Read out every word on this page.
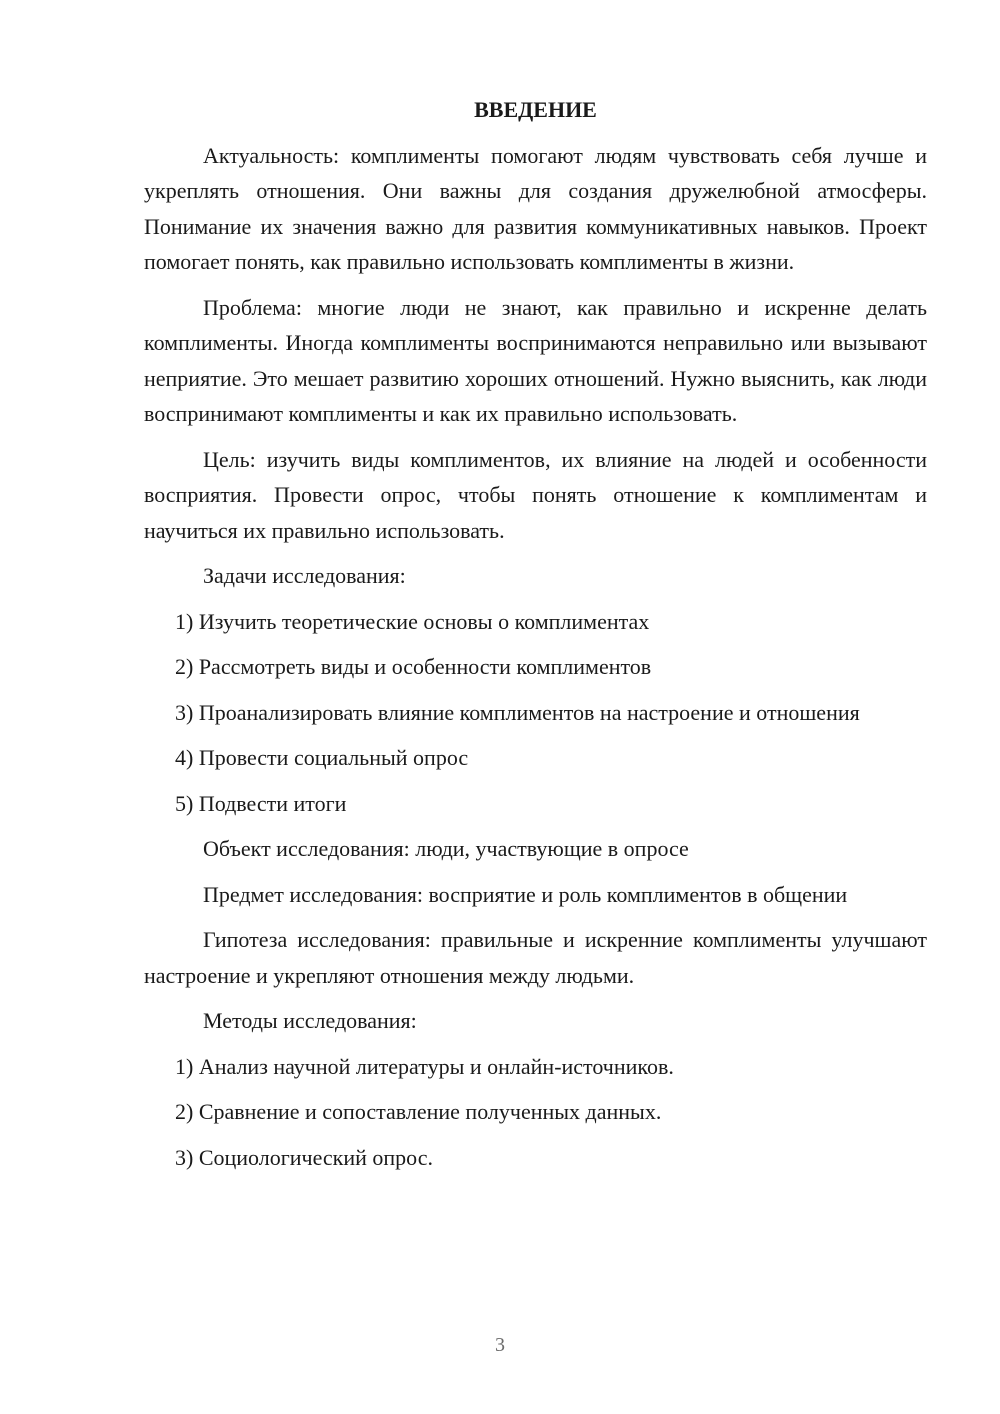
ВВЕДЕНИЕ

Актуальность: комплименты помогают людям чувствовать себя лучше и укреплять отношения. Они важны для создания дружелюбной атмосферы. Понимание их значения важно для развития коммуникативных навыков. Проект помогает понять, как правильно использовать комплименты в жизни.

Проблема: многие люди не знают, как правильно и искренне делать комплименты. Иногда комплименты воспринимаются неправильно или вызывают неприятие. Это мешает развитию хороших отношений. Нужно выяснить, как люди воспринимают комплименты и как их правильно использовать.

Цель: изучить виды комплиментов, их влияние на людей и особенности восприятия. Провести опрос, чтобы понять отношение к комплиментам и научиться их правильно использовать.

Задачи исследования:

1) Изучить теоретические основы о комплиментах

2) Рассмотреть виды и особенности комплиментов

3) Проанализировать влияние комплиментов на настроение и отношения

4) Провести социальный опрос

5) Подвести итоги

Объект исследования: люди, участвующие в опросе

Предмет исследования: восприятие и роль комплиментов в общении

Гипотеза исследования: правильные и искренние комплименты улучшают настроение и укрепляют отношения между людьми.

Методы исследования:

1) Анализ научной литературы и онлайн-источников.

2) Сравнение и сопоставление полученных данных.

3) Социологический опрос.

3
